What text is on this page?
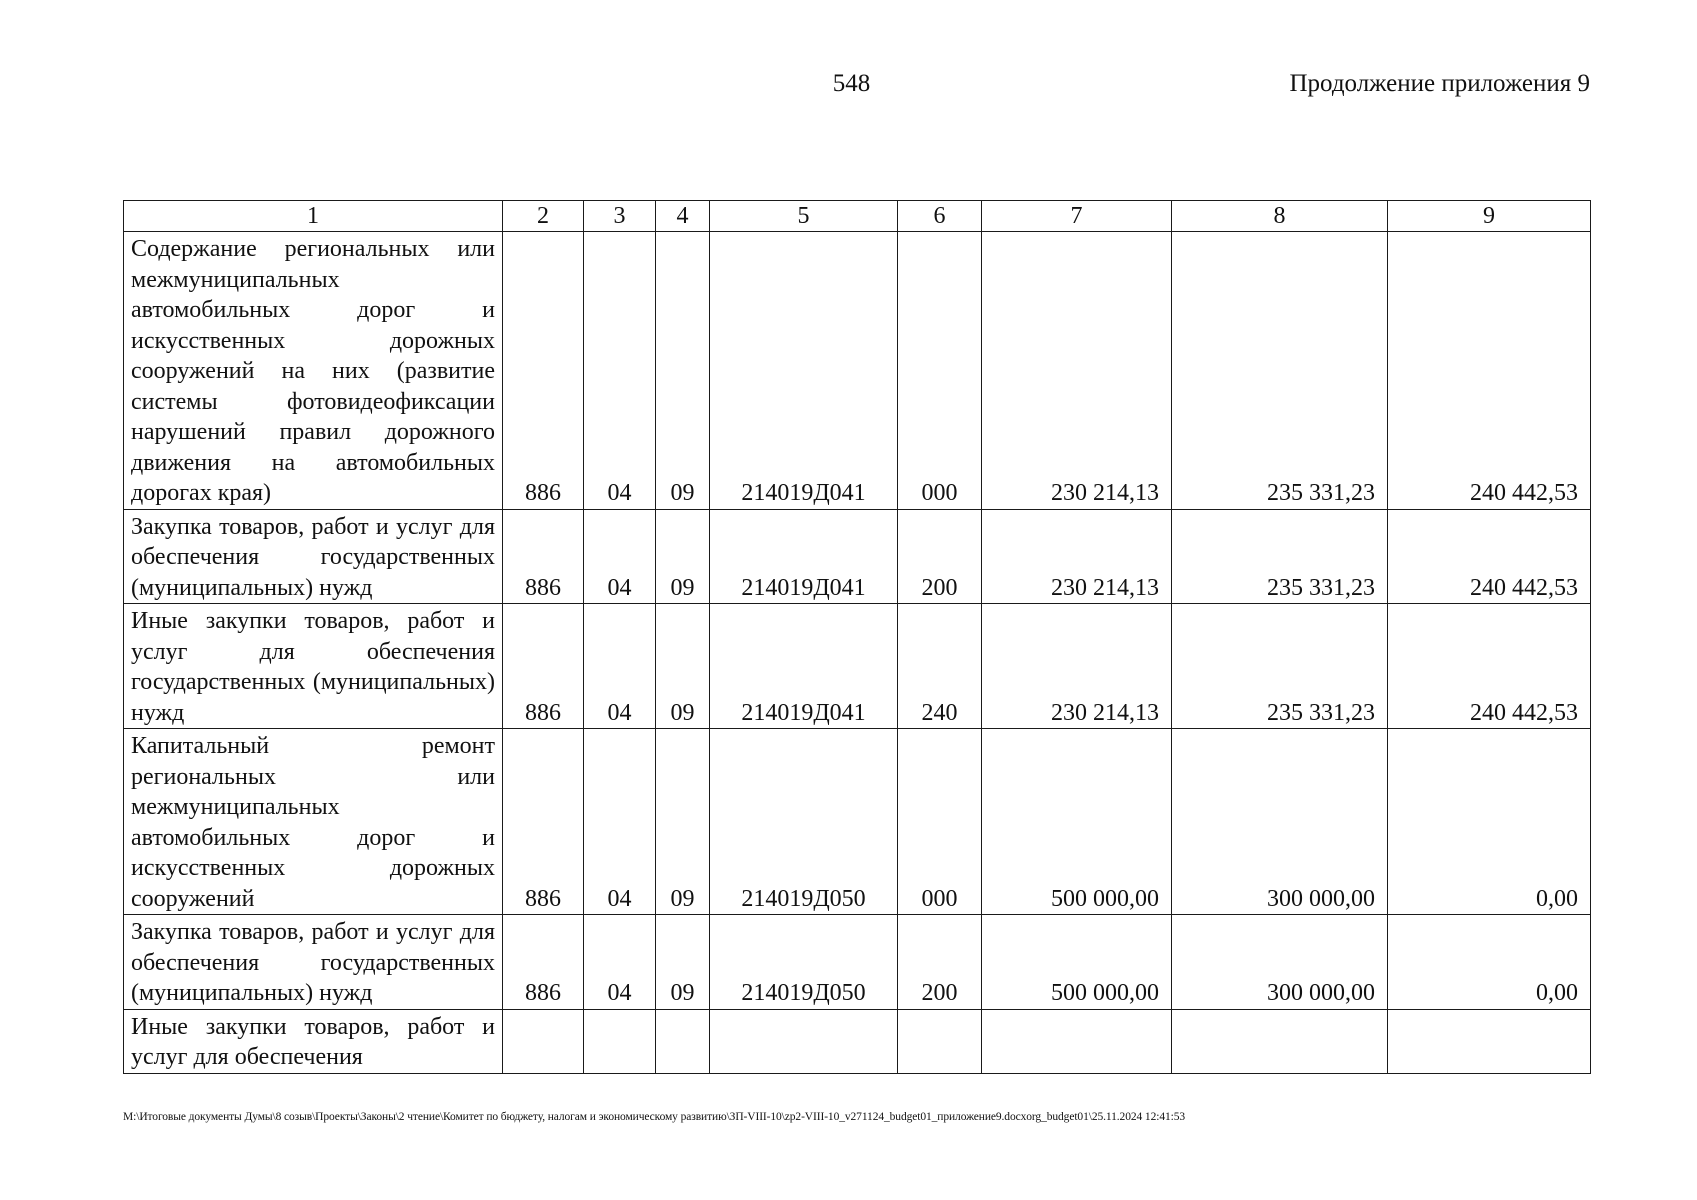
548	Продолжение приложения 9
1	2	3	4	5	6	7	8	9
Содержание региональных или межмуниципальных автомобильных дорог и искусственных дорожных сооружений на них (развитие системы фотовидеофиксации нарушений правил дорожного движения на автомобильных дорогах края)	886	04	09	214019Д041	000	230 214,13	235 331,23	240 442,53
Закупка товаров, работ и услуг для обеспечения государственных (муниципальных) нужд	886	04	09	214019Д041	200	230 214,13	235 331,23	240 442,53
Иные закупки товаров, работ и услуг для обеспечения государственных (муниципальных) нужд	886	04	09	214019Д041	240	230 214,13	235 331,23	240 442,53
Капитальный ремонт региональных или межмуниципальных автомобильных дорог и искусственных дорожных сооружений	886	04	09	214019Д050	000	500 000,00	300 000,00	0,00
Закупка товаров, работ и услуг для обеспечения государственных (муниципальных) нужд	886	04	09	214019Д050	200	500 000,00	300 000,00	0,00
Иные закупки товаров, работ и услуг для обеспечения								
М:\Итоговые документы Думы\8 созыв\Проекты\Законы\2 чтение\Комитет по бюджету, налогам и экономическому развитию\ЗП-VIII-10\zp2-VIII-10_v271124_budget01_приложение9.docxorg_budget01\25.11.2024 12:41:53
